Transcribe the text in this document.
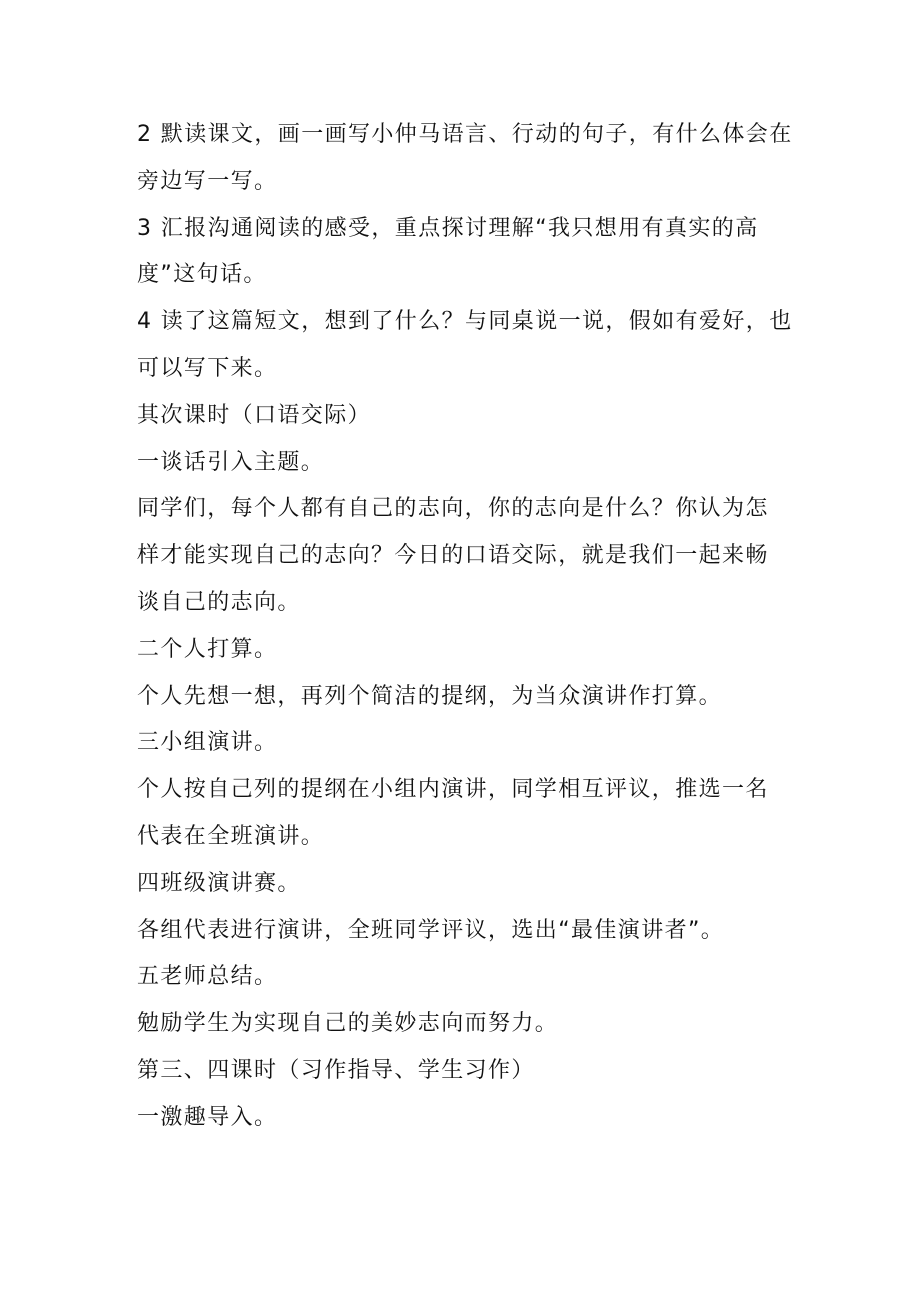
2 默读课文，画一画写小仲马语言、行动的句子，有什么体会在
旁边写一写。
3 汇报沟通阅读的感受，重点探讨理解“我只想用有真实的高
度”这句话。
4 读了这篇短文，想到了什么？与同桌说一说，假如有爱好，也
可以写下来。
其次课时（口语交际）
一谈话引入主题。
同学们，每个人都有自己的志向，你的志向是什么？你认为怎
样才能实现自己的志向？今日的口语交际，就是我们一起来畅
谈自己的志向。
二个人打算。
个人先想一想，再列个简洁的提纲，为当众演讲作打算。
三小组演讲。
个人按自己列的提纲在小组内演讲，同学相互评议，推选一名
代表在全班演讲。
四班级演讲赛。
各组代表进行演讲，全班同学评议，选出“最佳演讲者”。
五老师总结。
勉励学生为实现自己的美妙志向而努力。
第三、四课时（习作指导、学生习作）
一激趣导入。
